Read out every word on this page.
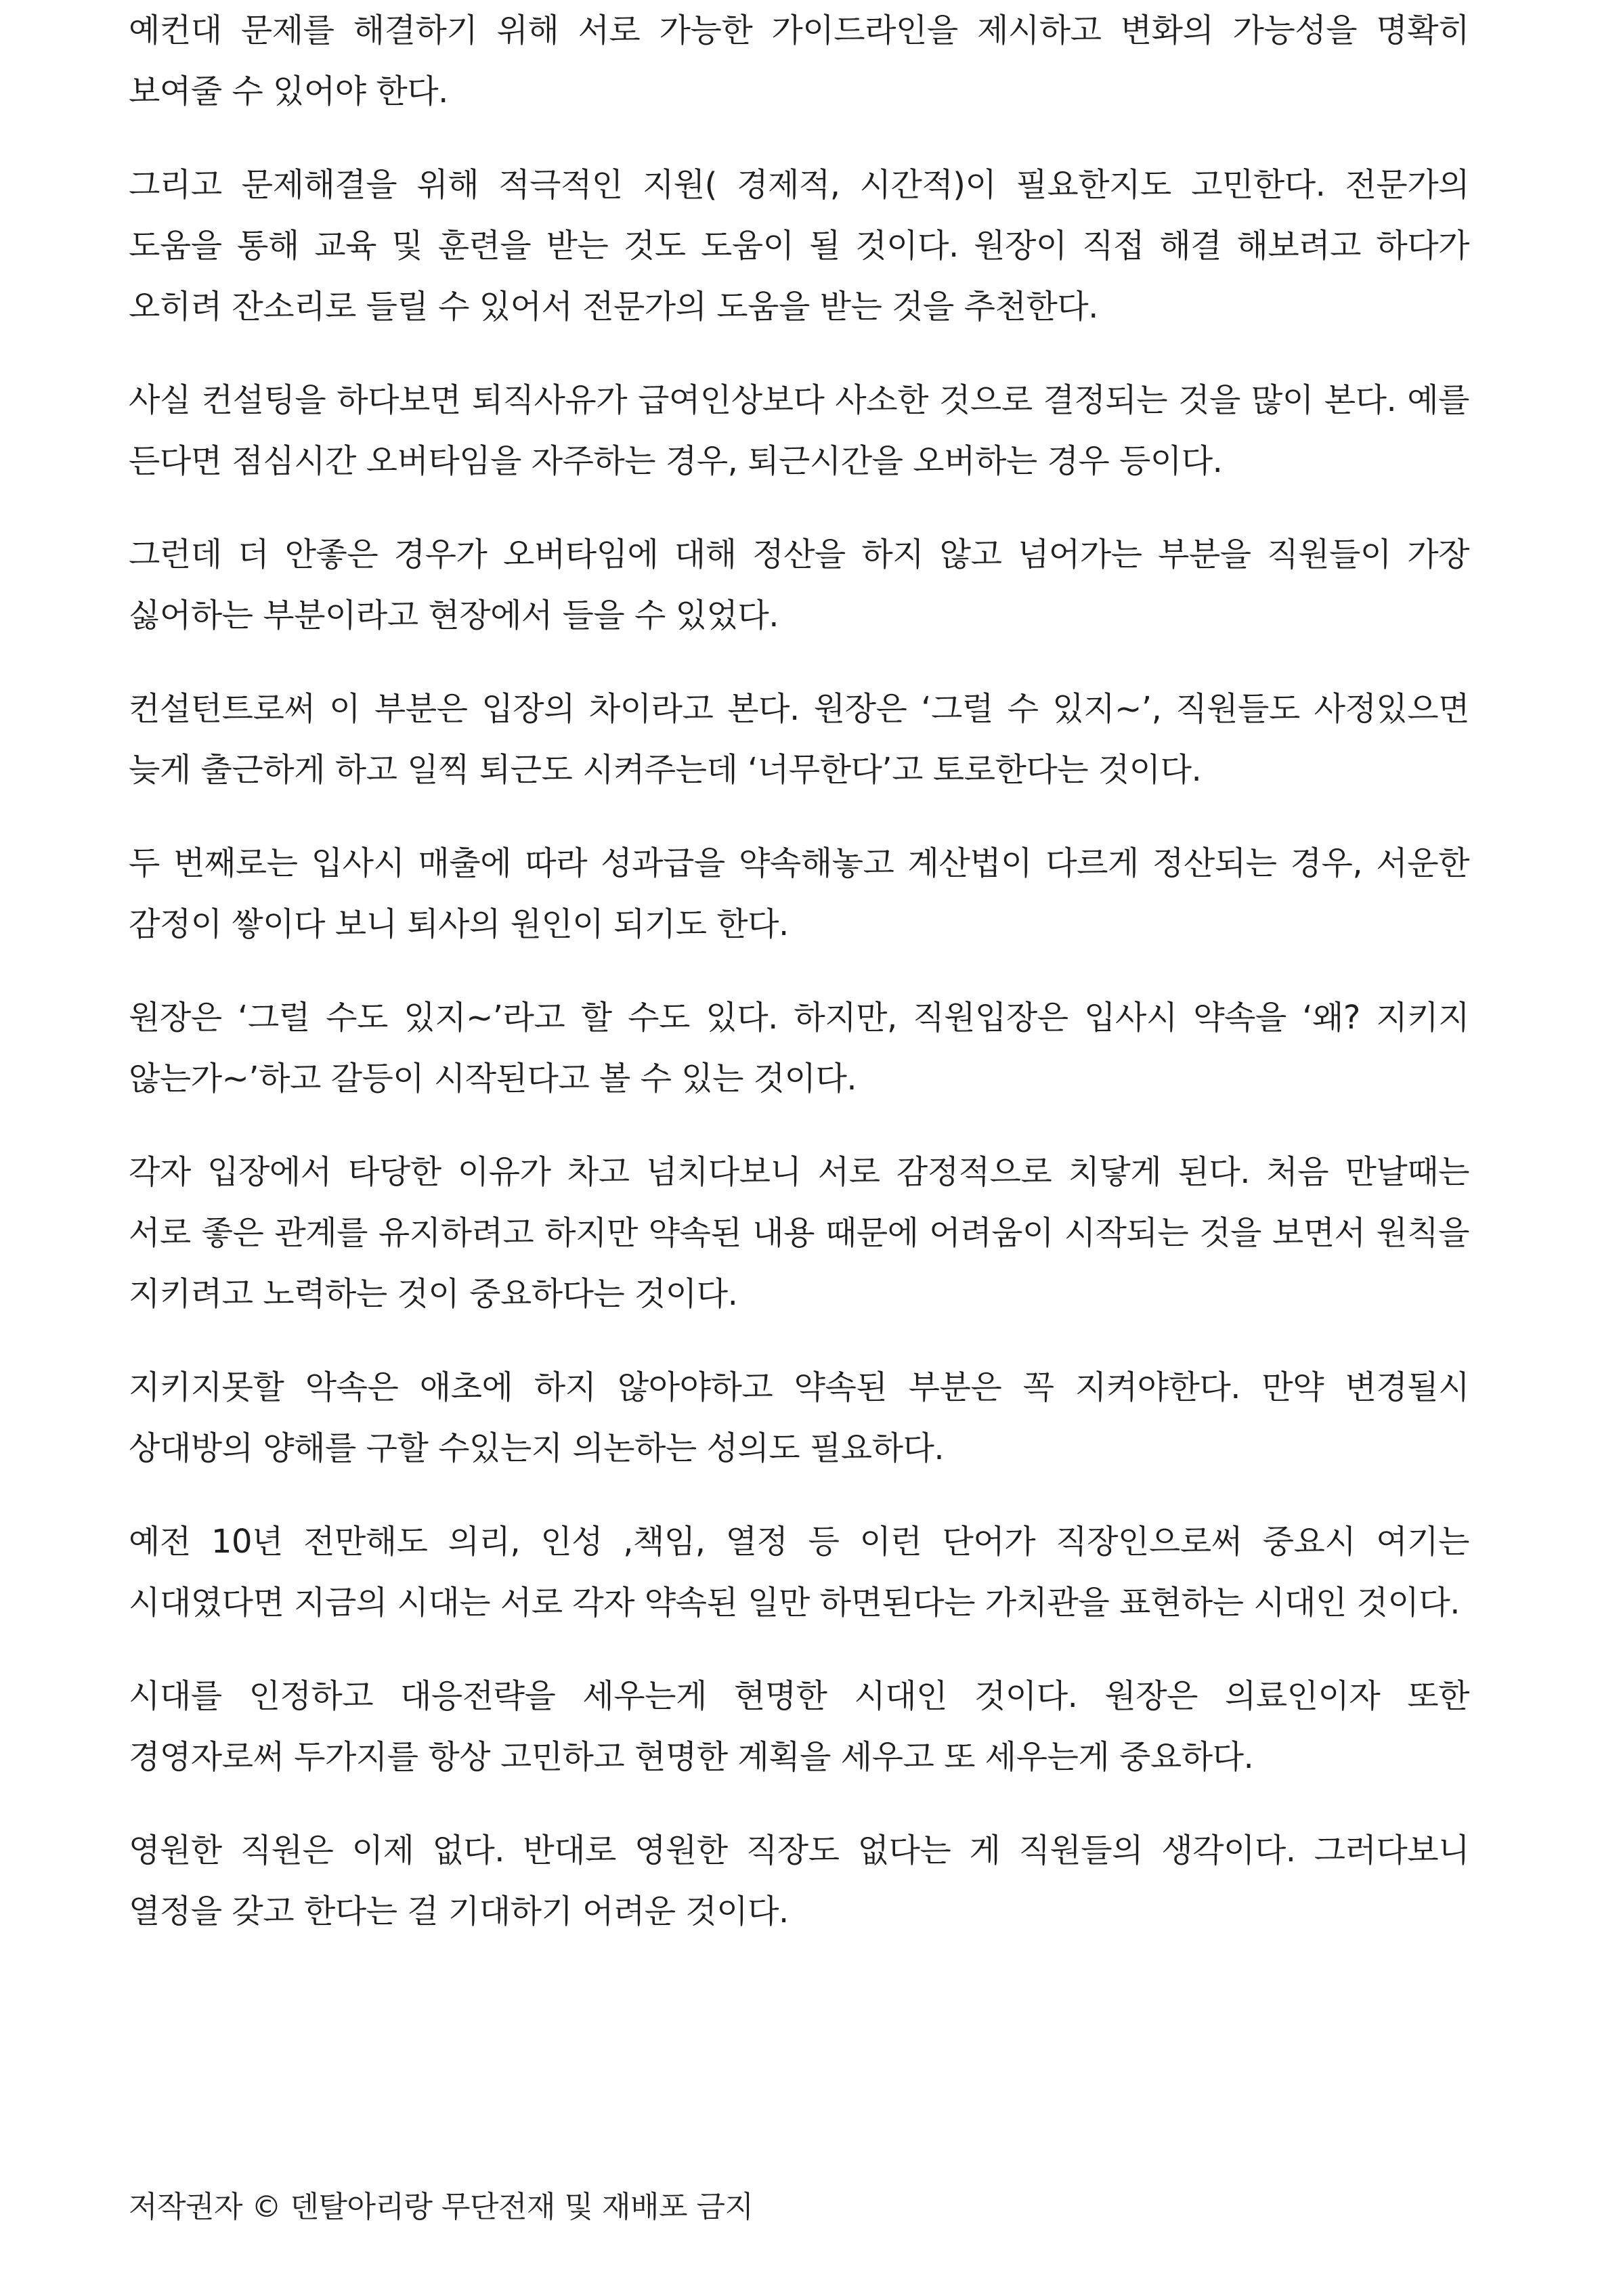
예컨대 문제를 해결하기 위해 서로 가능한 가이드라인을 제시하고 변화의 가능성을 명확히 보여줄 수 있어야 한다.

그리고 문제해결을 위해 적극적인 지원( 경제적, 시간적)이 필요한지도 고민한다. 전문가의 도움을 통해 교육 및 훈련을 받는 것도 도움이 될 것이다. 원장이 직접 해결 해보려고 하다가 오히려 잔소리로 들릴 수 있어서 전문가의 도움을 받는 것을 추천한다.

사실 컨설팅을 하다보면 퇴직사유가 급여인상보다 사소한 것으로 결정되는 것을 많이 본다. 예를 든다면 점심시간 오버타임을 자주하는 경우, 퇴근시간을 오버하는 경우 등이다.

그런데 더 안좋은 경우가 오버타임에 대해 정산을 하지 않고 넘어가는 부분을 직원들이 가장 싫어하는 부분이라고 현장에서 들을 수 있었다.

컨설턴트로써 이 부분은 입장의 차이라고 본다. 원장은 ‘그럴 수 있지~’, 직원들도 사정있으면 늦게 출근하게 하고 일찍 퇴근도 시켜주는데 ‘너무한다’고 토로한다는 것이다.

두 번째로는 입사시 매출에 따라 성과급을 약속해놓고 계산법이 다르게 정산되는 경우, 서운한 감정이 쌓이다 보니 퇴사의 원인이 되기도 한다.

원장은 ‘그럴 수도 있지~’라고 할 수도 있다. 하지만, 직원입장은 입사시 약속을 ‘왜? 지키지 않는가~’하고 갈등이 시작된다고 볼 수 있는 것이다.

각자 입장에서 타당한 이유가 차고 넘치다보니 서로 감정적으로 치닿게 된다. 처음 만날때는 서로 좋은 관계를 유지하려고 하지만 약속된 내용 때문에 어려움이 시작되는 것을 보면서 원칙을 지키려고 노력하는 것이 중요하다는 것이다.

지키지못할 악속은 애초에 하지 않아야하고 약속된 부분은 꼭 지켜야한다. 만약 변경될시 상대방의 양해를 구할 수있는지 의논하는 성의도 필요하다.

예전 10년 전만해도 의리, 인성 ,책임, 열정 등 이런 단어가 직장인으로써 중요시 여기는 시대였다면 지금의 시대는 서로 각자 약속된 일만 하면된다는 가치관을 표현하는 시대인 것이다.

시대를 인정하고 대응전략을 세우는게 현명한 시대인 것이다. 원장은 의료인이자 또한 경영자로써 두가지를 항상 고민하고 현명한 계획을 세우고 또 세우는게 중요하다.

영원한 직원은 이제 없다. 반대로 영원한 직장도 없다는 게 직원들의 생각이다. 그러다보니 열정을 갖고 한다는 걸 기대하기 어려운 것이다.

저작권자 © 덴탈아리랑 무단전재 및 재배포 금지
